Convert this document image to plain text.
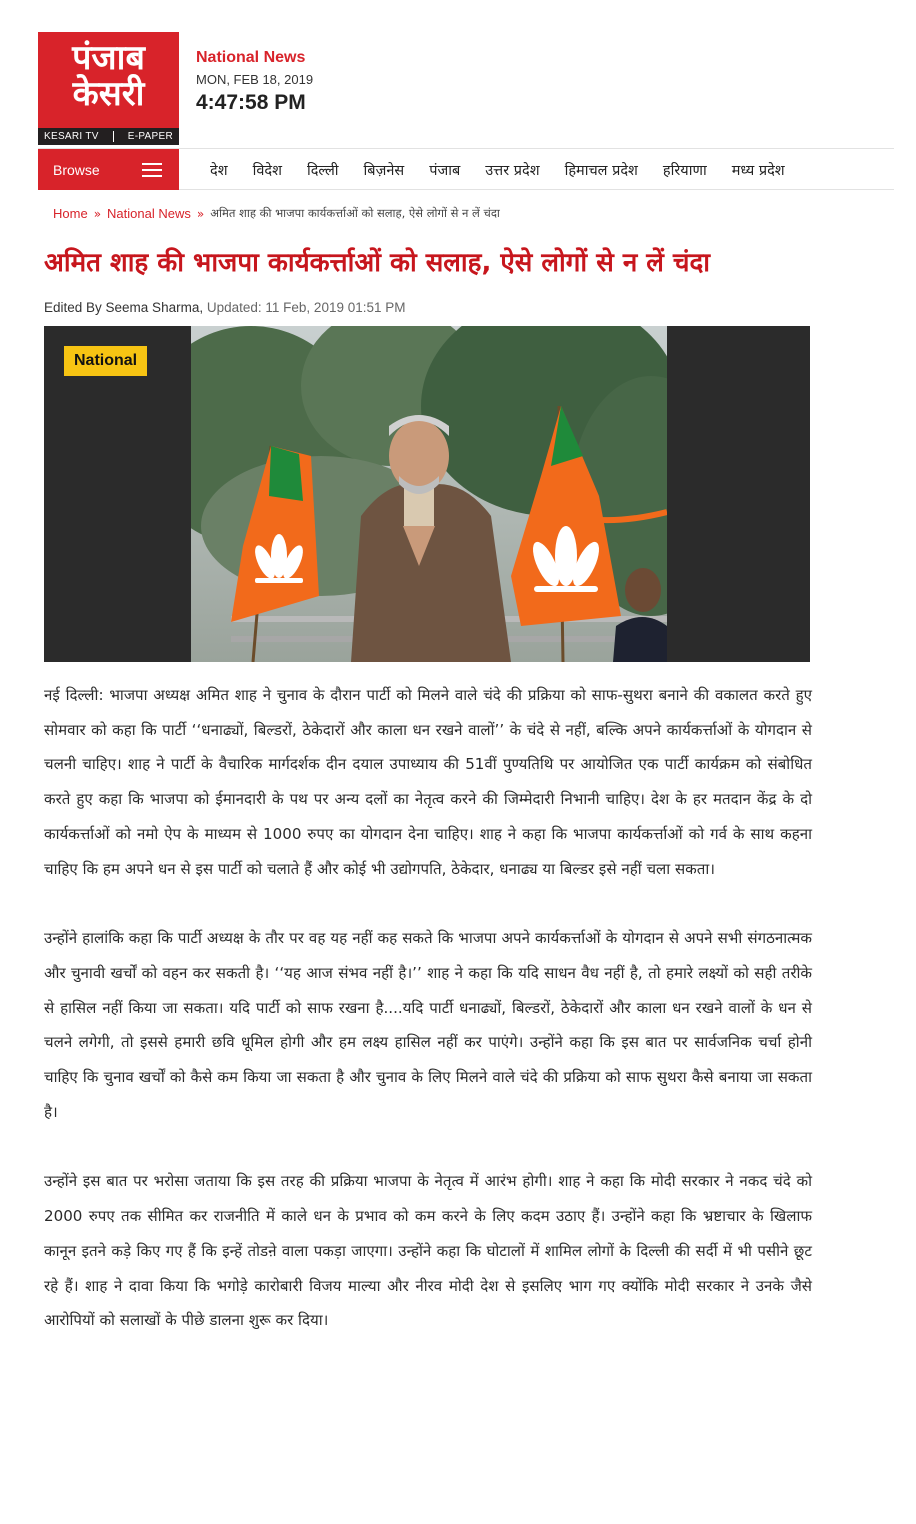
पंजाब
केसरी
KESARI TV	E-PAPER
National News
MON, FEB 18, 2019
4:47:58 PM
Browse	देश विदेश दिल्ली बिज़नेस पंजाब उत्तर प्रदेश हिमाचल प्रदेश हरियाणा मध्य प्रदेश
Home » National News » अमित शाह की भाजपा कार्यकर्त्ताओं को सलाह, ऐसे लोगों से न लें चंदा
अमित शाह की भाजपा कार्यकर्त्ताओं को सलाह, ऐसे लोगों से न लें चंदा
Edited By Seema Sharma, Updated: 11 Feb, 2019 01:51 PM
National

नई दिल्ली: भाजपा अध्यक्ष अमित शाह ने चुनाव के दौरान पार्टी को मिलने वाले चंदे की प्रक्रिया को साफ-सुथरा बनाने की वकालत करते हुए सोमवार को कहा कि पार्टी ‘‘धनाढ्यों, बिल्डरों, ठेकेदारों और काला धन रखने वालों’’ के चंदे से नहीं, बल्कि अपने कार्यकर्त्ताओं के योगदान से चलनी चाहिए। शाह ने पार्टी के वैचारिक मार्गदर्शक दीन दयाल उपाध्याय की 51वीं पुण्यतिथि पर आयोजित एक पार्टी कार्यक्रम को संबोधित करते हुए कहा कि भाजपा को ईमानदारी के पथ पर अन्य दलों का नेतृत्व करने की जिम्मेदारी निभानी चाहिए। देश के हर मतदान केंद्र के दो कार्यकर्त्ताओं को नमो ऐप के माध्यम से 1000 रुपए का योगदान देना चाहिए। शाह ने कहा कि भाजपा कार्यकर्त्ताओं को गर्व के साथ कहना चाहिए कि हम अपने धन से इस पार्टी को चलाते हैं और कोई भी उद्योगपति, ठेकेदार, धनाढ्य या बिल्डर इसे नहीं चला सकता।

उन्होंने हालांकि कहा कि पार्टी अध्यक्ष के तौर पर वह यह नहीं कह सकते कि भाजपा अपने कार्यकर्त्ताओं के योगदान से अपने सभी संगठनात्मक और चुनावी खर्चों को वहन कर सकती है। ‘‘यह आज संभव नहीं है।’’ शाह ने कहा कि यदि साधन वैध नहीं है, तो हमारे लक्ष्यों को सही तरीके से हासिल नहीं किया जा सकता। यदि पार्टी को साफ रखना है....यदि पार्टी धनाढ्यों, बिल्डरों, ठेकेदारों और काला धन रखने वालों के धन से चलने लगेगी, तो इससे हमारी छवि धूमिल होगी और हम लक्ष्य हासिल नहीं कर पाएंगे। उन्होंने कहा कि इस बात पर सार्वजनिक चर्चा होनी चाहिए कि चुनाव खर्चों को कैसे कम किया जा सकता है और चुनाव के लिए मिलने वाले चंदे की प्रक्रिया को साफ सुथरा कैसे बनाया जा सकता है।

उन्होंने इस बात पर भरोसा जताया कि इस तरह की प्रक्रिया भाजपा के नेतृत्व में आरंभ होगी। शाह ने कहा कि मोदी सरकार ने नकद चंदे को 2000 रुपए तक सीमित कर राजनीति में काले धन के प्रभाव को कम करने के लिए कदम उठाए हैं। उन्होंने कहा कि भ्रष्टाचार के खिलाफ कानून इतने कड़े किए गए हैं कि इन्हें तोडऩे वाला पकड़ा जाएगा। उन्होंने कहा कि घोटालों में शामिल लोगों के दिल्ली की सर्दी में भी पसीने छूट रहे हैं। शाह ने दावा किया कि भगोड़े कारोबारी विजय माल्या और नीरव मोदी देश से इसलिए भाग गए क्योंकि मोदी सरकार ने उनके जैसे आरोपियों को सलाखों के पीछे डालना शुरू कर दिया।
